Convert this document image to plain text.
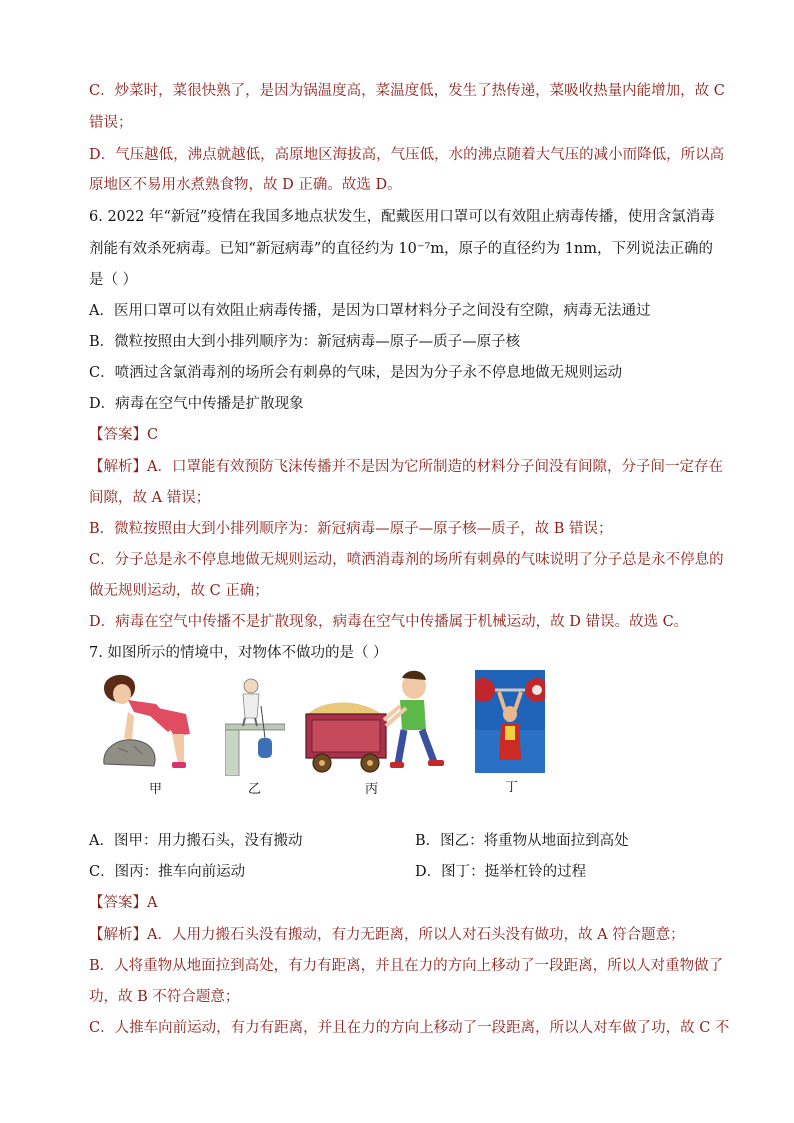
C．炒菜时，菜很快熟了，是因为锅温度高，菜温度低，发生了热传递，菜吸收热量内能增加，故 C
错误；
D．气压越低，沸点就越低，高原地区海拔高，气压低，水的沸点随着大气压的减小而降低，所以高
原地区不易用水煮熟食物，故 D 正确。故选 D。
6. 2022 年“新冠”疫情在我国多地点状发生，配戴医用口罩可以有效阻止病毒传播，使用含氯消毒
剂能有效杀死病毒。已知“新冠病毒”的直径约为 10⁻⁷m，原子的直径约为 1nm，下列说法正确的
是（ ）
A．医用口罩可以有效阻止病毒传播，是因为口罩材料分子之间没有空隙，病毒无法通过
B．微粒按照由大到小排列顺序为：新冠病毒—原子—质子—原子核
C．喷洒过含氯消毒剂的场所会有刺鼻的气味，是因为分子永不停息地做无规则运动
D．病毒在空气中传播是扩散现象
【答案】C
【解析】A．口罩能有效预防飞沫传播并不是因为它所制造的材料分子间没有间隙，分子间一定存在
间隙，故 A 错误；
B．微粒按照由大到小排列顺序为：新冠病毒—原子—原子核—质子，故 B 错误；
C．分子总是永不停息地做无规则运动，喷洒消毒剂的场所有刺鼻的气味说明了分子总是永不停息的
做无规则运动，故 C 正确；
D．病毒在空气中传播不是扩散现象，病毒在空气中传播属于机械运动，故 D 错误。故选 C。
7. 如图所示的情境中，对物体不做功的是（ ）
甲	乙	丙	丁
A．图甲：用力搬石头，没有搬动	B．图乙：将重物从地面拉到高处
C．图丙：推车向前运动	D．图丁：挺举杠铃的过程
【答案】A
【解析】A．人用力搬石头没有搬动，有力无距离，所以人对石头没有做功，故 A 符合题意；
B．人将重物从地面拉到高处，有力有距离，并且在力的方向上移动了一段距离，所以人对重物做了
功，故 B 不符合题意；
C．人推车向前运动，有力有距离，并且在力的方向上移动了一段距离，所以人对车做了功，故 C 不
